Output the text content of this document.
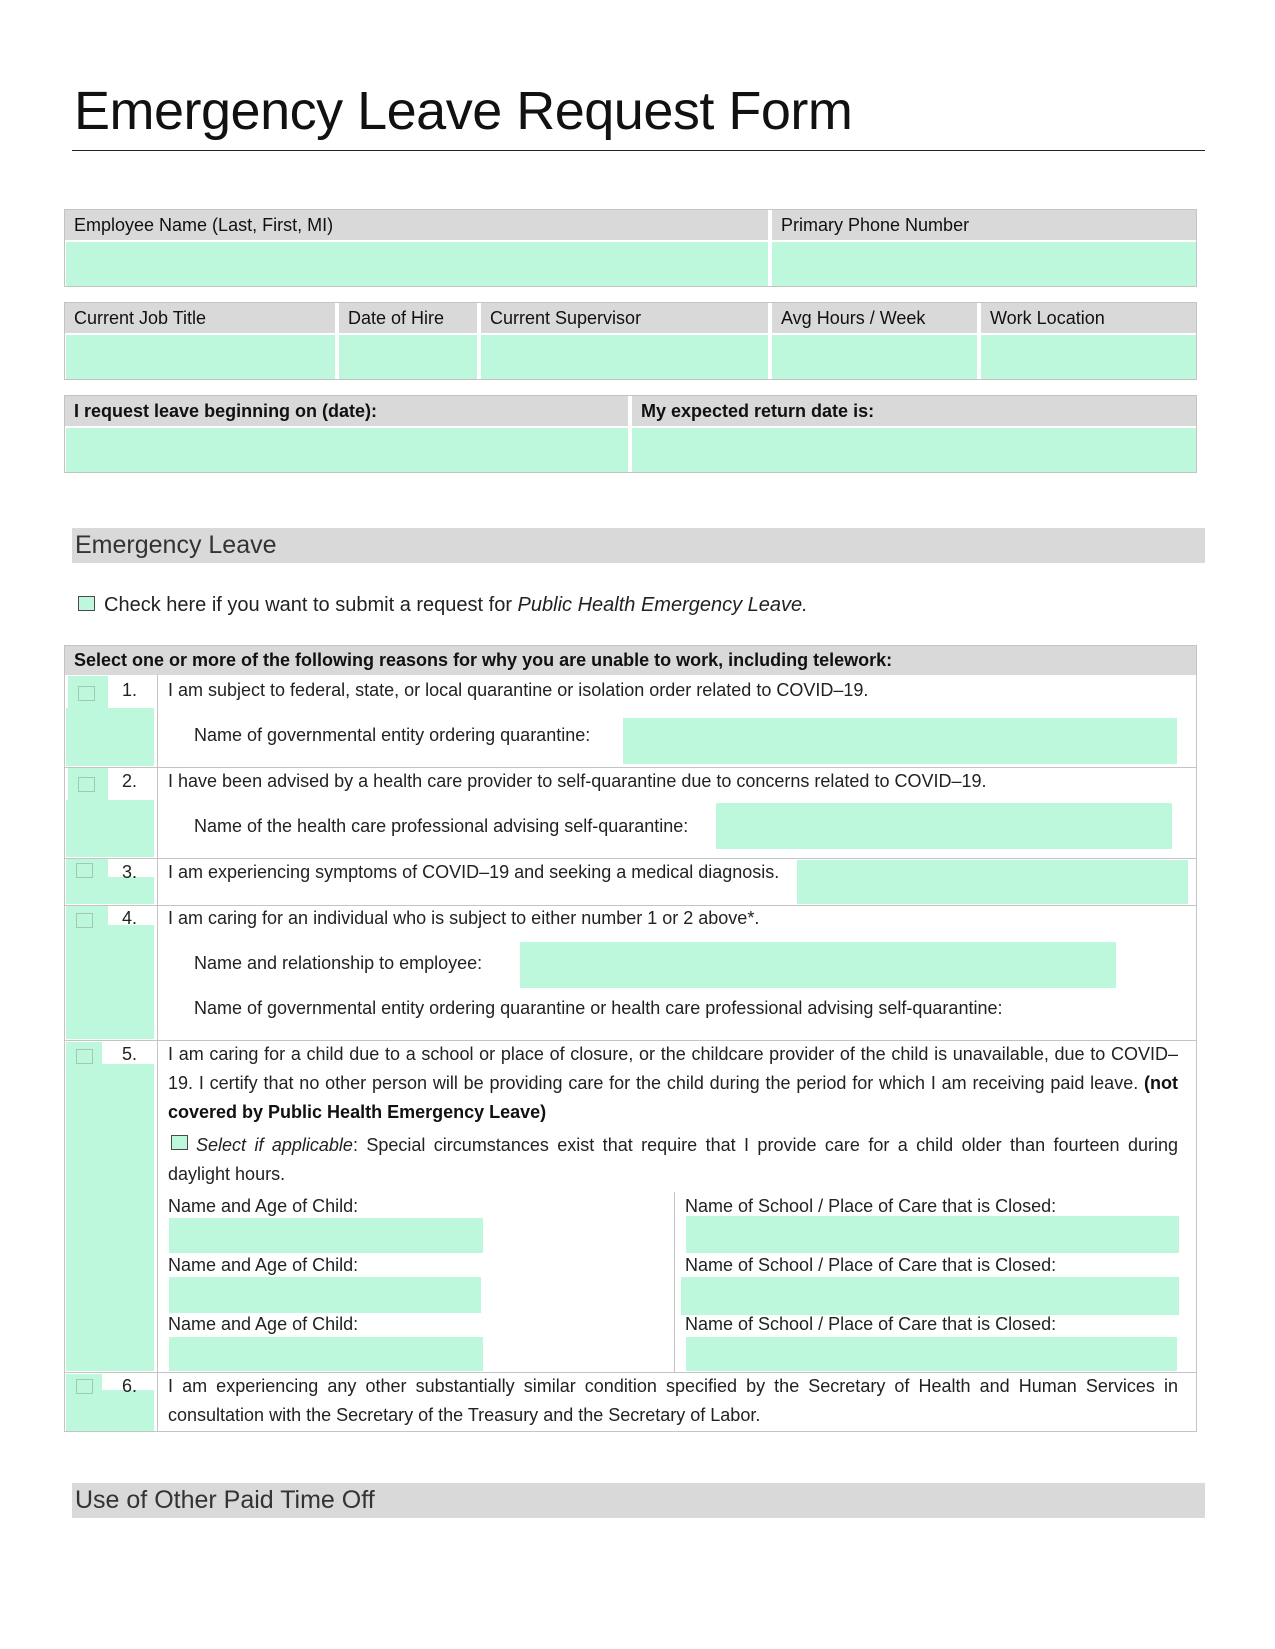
Emergency Leave Request Form
Employee Name (Last, First, MI)	Primary Phone Number
Current Job Title	Date of Hire	Current Supervisor	Avg Hours / Week	Work Location
I request leave beginning on (date):	My expected return date is:
Emergency Leave
Check here if you want to submit a request for Public Health Emergency Leave.
Select one or more of the following reasons for why you are unable to work, including telework:
1. I am subject to federal, state, or local quarantine or isolation order related to COVID–19.
Name of governmental entity ordering quarantine:
2. I have been advised by a health care provider to self-quarantine due to concerns related to COVID–19.
Name of the health care professional advising self-quarantine:
3. I am experiencing symptoms of COVID–19 and seeking a medical diagnosis.
4. I am caring for an individual who is subject to either number 1 or 2 above*.
Name and relationship to employee:
Name of governmental entity ordering quarantine or health care professional advising self-quarantine:
5. I am caring for a child due to a school or place of closure, or the childcare provider of the child is unavailable, due to COVID–19. I certify that no other person will be providing care for the child during the period for which I am receiving paid leave. (not covered by Public Health Emergency Leave)
Select if applicable: Special circumstances exist that require that I provide care for a child older than fourteen during daylight hours.
Name and Age of Child:	Name of School / Place of Care that is Closed:
Name and Age of Child:	Name of School / Place of Care that is Closed:
Name and Age of Child:	Name of School / Place of Care that is Closed:
6. I am experiencing any other substantially similar condition specified by the Secretary of Health and Human Services in consultation with the Secretary of the Treasury and the Secretary of Labor.
Use of Other Paid Time Off
